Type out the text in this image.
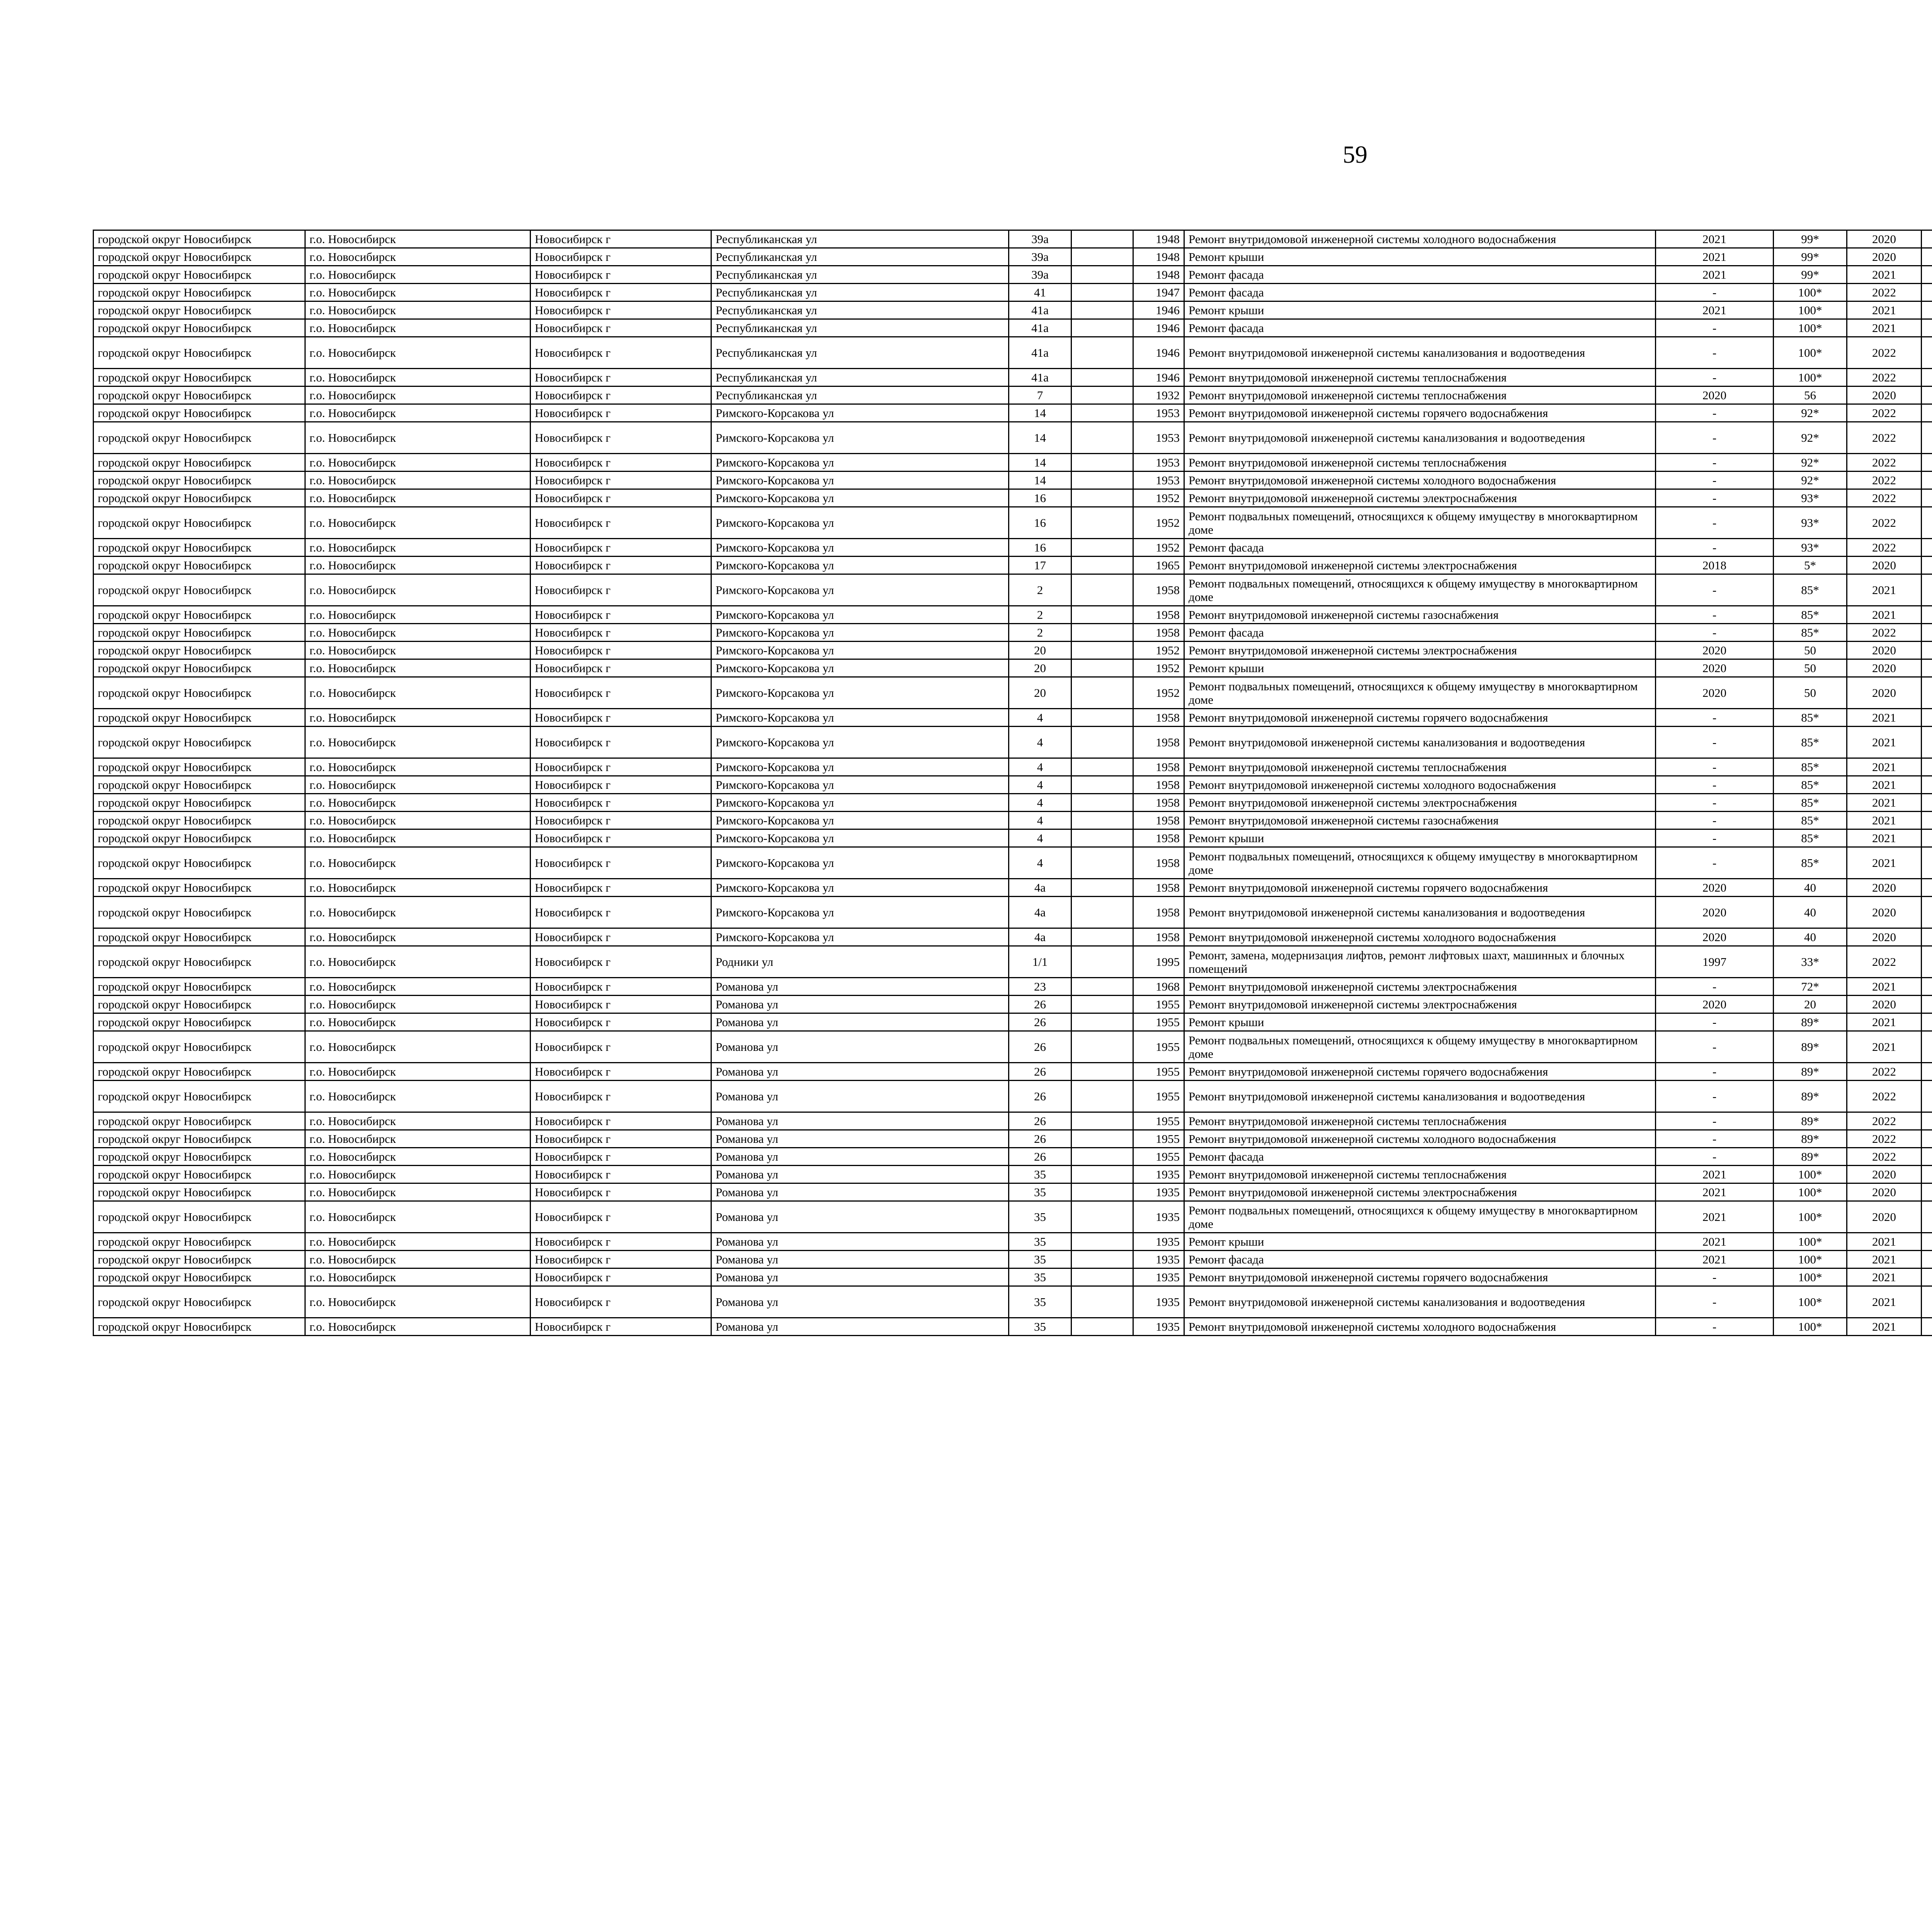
59
городской округ Новосибирск	г.о. Новосибирск	Новосибирск г	Республиканская ул	39а		1948	Ремонт внутридомовой инженерной системы холодного водоснабжения	2021	99*	2020						
городской округ Новосибирск	г.о. Новосибирск	Новосибирск г	Республиканская ул	39а		1948	Ремонт крыши	2021	99*	2020						
городской округ Новосибирск	г.о. Новосибирск	Новосибирск г	Республиканская ул	39а		1948	Ремонт фасада	2021	99*	2021						
городской округ Новосибирск	г.о. Новосибирск	Новосибирск г	Республиканская ул	41		1947	Ремонт фасада	-	100*	2022						
городской округ Новосибирск	г.о. Новосибирск	Новосибирск г	Республиканская ул	41а		1946	Ремонт крыши	2021	100*	2021						
городской округ Новосибирск	г.о. Новосибирск	Новосибирск г	Республиканская ул	41а		1946	Ремонт фасада	-	100*	2021						
городской округ Новосибирск	г.о. Новосибирск	Новосибирск г	Республиканская ул	41а		1946	Ремонт внутридомовой инженерной системы канализования и водоотведения	-	100*	2022						
городской округ Новосибирск	г.о. Новосибирск	Новосибирск г	Республиканская ул	41а		1946	Ремонт внутридомовой инженерной системы теплоснабжения	-	100*	2022						
городской округ Новосибирск	г.о. Новосибирск	Новосибирск г	Республиканская ул	7		1932	Ремонт внутридомовой инженерной системы теплоснабжения	2020	56	2020						
городской округ Новосибирск	г.о. Новосибирск	Новосибирск г	Римского-Корсакова ул	14		1953	Ремонт внутридомовой инженерной системы горячего водоснабжения	-	92*	2022						
городской округ Новосибирск	г.о. Новосибирск	Новосибирск г	Римского-Корсакова ул	14		1953	Ремонт внутридомовой инженерной системы канализования и водоотведения	-	92*	2022						
городской округ Новосибирск	г.о. Новосибирск	Новосибирск г	Римского-Корсакова ул	14		1953	Ремонт внутридомовой инженерной системы теплоснабжения	-	92*	2022						
городской округ Новосибирск	г.о. Новосибирск	Новосибирск г	Римского-Корсакова ул	14		1953	Ремонт внутридомовой инженерной системы холодного водоснабжения	-	92*	2022						
городской округ Новосибирск	г.о. Новосибирск	Новосибирск г	Римского-Корсакова ул	16		1952	Ремонт внутридомовой инженерной системы электроснабжения	-	93*	2022						
городской округ Новосибирск	г.о. Новосибирск	Новосибирск г	Римского-Корсакова ул	16		1952	Ремонт подвальных помещений, относящихся к общему имуществу в многоквартирном доме	-	93*	2022						
городской округ Новосибирск	г.о. Новосибирск	Новосибирск г	Римского-Корсакова ул	16		1952	Ремонт фасада	-	93*	2022						
городской округ Новосибирск	г.о. Новосибирск	Новосибирск г	Римского-Корсакова ул	17		1965	Ремонт внутридомовой инженерной системы электроснабжения	2018	5*	2020						
городской округ Новосибирск	г.о. Новосибирск	Новосибирск г	Римского-Корсакова ул	2		1958	Ремонт подвальных помещений, относящихся к общему имуществу в многоквартирном доме	-	85*	2021						
городской округ Новосибирск	г.о. Новосибирск	Новосибирск г	Римского-Корсакова ул	2		1958	Ремонт внутридомовой инженерной системы газоснабжения	-	85*	2021						
городской округ Новосибирск	г.о. Новосибирск	Новосибирск г	Римского-Корсакова ул	2		1958	Ремонт фасада	-	85*	2022						
городской округ Новосибирск	г.о. Новосибирск	Новосибирск г	Римского-Корсакова ул	20		1952	Ремонт внутридомовой инженерной системы электроснабжения	2020	50	2020						
городской округ Новосибирск	г.о. Новосибирск	Новосибирск г	Римского-Корсакова ул	20		1952	Ремонт крыши	2020	50	2020						
городской округ Новосибирск	г.о. Новосибирск	Новосибирск г	Римского-Корсакова ул	20		1952	Ремонт подвальных помещений, относящихся к общему имуществу в многоквартирном доме	2020	50	2020						
городской округ Новосибирск	г.о. Новосибирск	Новосибирск г	Римского-Корсакова ул	4		1958	Ремонт внутридомовой инженерной системы горячего водоснабжения	-	85*	2021						
городской округ Новосибирск	г.о. Новосибирск	Новосибирск г	Римского-Корсакова ул	4		1958	Ремонт внутридомовой инженерной системы канализования и водоотведения	-	85*	2021						
городской округ Новосибирск	г.о. Новосибирск	Новосибирск г	Римского-Корсакова ул	4		1958	Ремонт внутридомовой инженерной системы теплоснабжения	-	85*	2021						
городской округ Новосибирск	г.о. Новосибирск	Новосибирск г	Римского-Корсакова ул	4		1958	Ремонт внутридомовой инженерной системы холодного водоснабжения	-	85*	2021						
городской округ Новосибирск	г.о. Новосибирск	Новосибирск г	Римского-Корсакова ул	4		1958	Ремонт внутридомовой инженерной системы электроснабжения	-	85*	2021						
городской округ Новосибирск	г.о. Новосибирск	Новосибирск г	Римского-Корсакова ул	4		1958	Ремонт внутридомовой инженерной системы газоснабжения	-	85*	2021						
городской округ Новосибирск	г.о. Новосибирск	Новосибирск г	Римского-Корсакова ул	4		1958	Ремонт крыши	-	85*	2021						
городской округ Новосибирск	г.о. Новосибирск	Новосибирск г	Римского-Корсакова ул	4		1958	Ремонт подвальных помещений, относящихся к общему имуществу в многоквартирном доме	-	85*	2021						
городской округ Новосибирск	г.о. Новосибирск	Новосибирск г	Римского-Корсакова ул	4а		1958	Ремонт внутридомовой инженерной системы горячего водоснабжения	2020	40	2020						
городской округ Новосибирск	г.о. Новосибирск	Новосибирск г	Римского-Корсакова ул	4а		1958	Ремонт внутридомовой инженерной системы канализования и водоотведения	2020	40	2020						
городской округ Новосибирск	г.о. Новосибирск	Новосибирск г	Римского-Корсакова ул	4а		1958	Ремонт внутридомовой инженерной системы холодного водоснабжения	2020	40	2020						
городской округ Новосибирск	г.о. Новосибирск	Новосибирск г	Родники ул	1/1		1995	Ремонт, замена, модернизация лифтов, ремонт лифтовых шахт, машинных и блочных помещений	1997	33*	2022						
городской округ Новосибирск	г.о. Новосибирск	Новосибирск г	Романова ул	23		1968	Ремонт внутридомовой инженерной системы электроснабжения	-	72*	2021						
городской округ Новосибирск	г.о. Новосибирск	Новосибирск г	Романова ул	26		1955	Ремонт внутридомовой инженерной системы электроснабжения	2020	20	2020						
городской округ Новосибирск	г.о. Новосибирск	Новосибирск г	Романова ул	26		1955	Ремонт крыши	-	89*	2021						
городской округ Новосибирск	г.о. Новосибирск	Новосибирск г	Романова ул	26		1955	Ремонт подвальных помещений, относящихся к общему имуществу в многоквартирном доме	-	89*	2021						
городской округ Новосибирск	г.о. Новосибирск	Новосибирск г	Романова ул	26		1955	Ремонт внутридомовой инженерной системы горячего водоснабжения	-	89*	2022						
городской округ Новосибирск	г.о. Новосибирск	Новосибирск г	Романова ул	26		1955	Ремонт внутридомовой инженерной системы канализования и водоотведения	-	89*	2022						
городской округ Новосибирск	г.о. Новосибирск	Новосибирск г	Романова ул	26		1955	Ремонт внутридомовой инженерной системы теплоснабжения	-	89*	2022						
городской округ Новосибирск	г.о. Новосибирск	Новосибирск г	Романова ул	26		1955	Ремонт внутридомовой инженерной системы холодного водоснабжения	-	89*	2022						
городской округ Новосибирск	г.о. Новосибирск	Новосибирск г	Романова ул	26		1955	Ремонт фасада	-	89*	2022						
городской округ Новосибирск	г.о. Новосибирск	Новосибирск г	Романова ул	35		1935	Ремонт внутридомовой инженерной системы теплоснабжения	2021	100*	2020						
городской округ Новосибирск	г.о. Новосибирск	Новосибирск г	Романова ул	35		1935	Ремонт внутридомовой инженерной системы электроснабжения	2021	100*	2020						
городской округ Новосибирск	г.о. Новосибирск	Новосибирск г	Романова ул	35		1935	Ремонт подвальных помещений, относящихся к общему имуществу в многоквартирном доме	2021	100*	2020						
городской округ Новосибирск	г.о. Новосибирск	Новосибирск г	Романова ул	35		1935	Ремонт крыши	2021	100*	2021						
городской округ Новосибирск	г.о. Новосибирск	Новосибирск г	Романова ул	35		1935	Ремонт фасада	2021	100*	2021						
городской округ Новосибирск	г.о. Новосибирск	Новосибирск г	Романова ул	35		1935	Ремонт внутридомовой инженерной системы горячего водоснабжения	-	100*	2021						
городской округ Новосибирск	г.о. Новосибирск	Новосибирск г	Романова ул	35		1935	Ремонт внутридомовой инженерной системы канализования и водоотведения	-	100*	2021						
городской округ Новосибирск	г.о. Новосибирск	Новосибирск г	Романова ул	35		1935	Ремонт внутридомовой инженерной системы холодного водоснабжения	-	100*	2021						
